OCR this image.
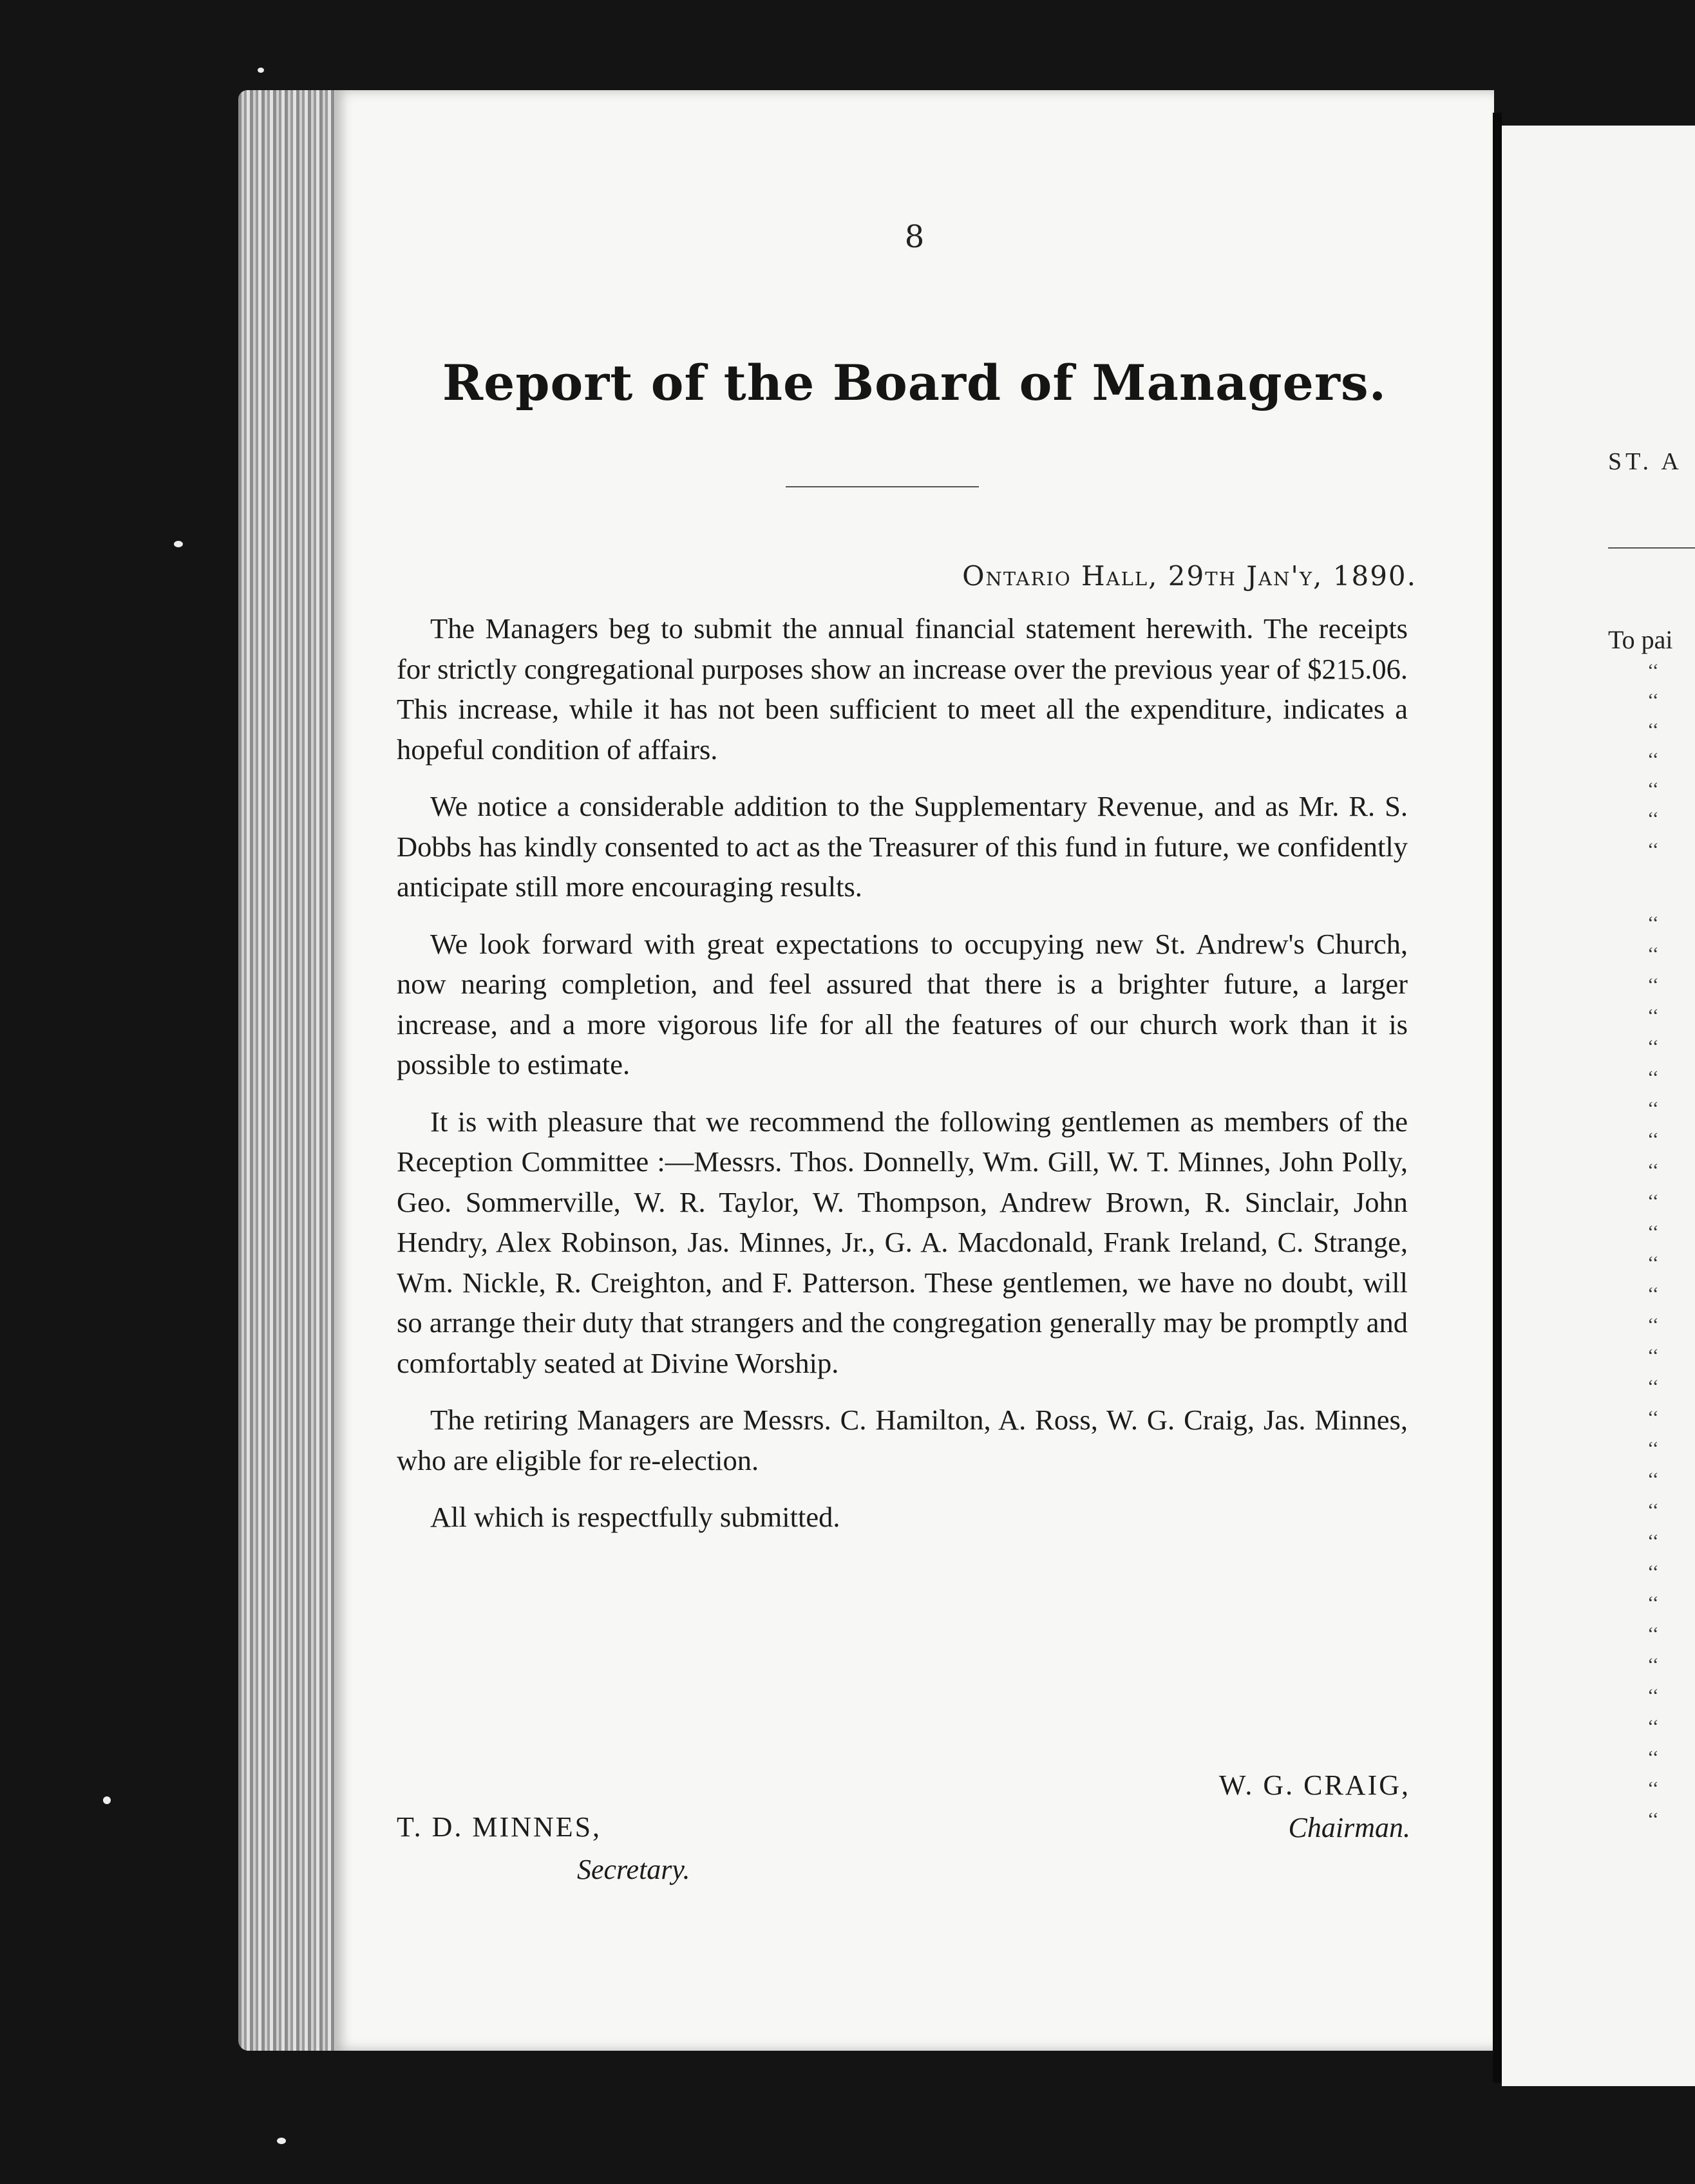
8
Report of the Board of Managers.
Ontario Hall, 29th Jan'y, 1890.

The Managers beg to submit the annual financial statement herewith. The receipts for strictly congregational purposes show an increase over the previous year of $215.06. This increase, while it has not been sufficient to meet all the expenditure, indicates a hopeful condition of affairs.

We notice a considerable addition to the Supplementary Revenue, and as Mr. R. S. Dobbs has kindly consented to act as the Treasurer of this fund in future, we confidently anticipate still more encouraging results.

We look forward with great expectations to occupying new St. Andrew's Church, now nearing completion, and feel assured that there is a brighter future, a larger increase, and a more vigorous life for all the features of our church work than it is possible to estimate.

It is with pleasure that we recommend the following gentlemen as members of the Reception Committee :—Messrs. Thos. Donnelly, Wm. Gill, W. T. Minnes, John Polly, Geo. Sommerville, W. R. Taylor, W. Thompson, Andrew Brown, R. Sinclair, John Hendry, Alex Robinson, Jas. Minnes, Jr., G. A. Macdonald, Frank Ireland, C. Strange, Wm. Nickle, R. Creighton, and F. Patterson. These gentlemen, we have no doubt, will so arrange their duty that strangers and the congregation generally may be promptly and comfortably seated at Divine Worship.

The retiring Managers are Messrs. C. Hamilton, A. Ross, W. G. Craig, Jas. Minnes, who are eligible for re-election.

All which is respectfully submitted.

W. G. CRAIG,
Chairman.
T. D. MINNES,
Secretary.
ST. A
To pai
‘‘
‘‘
‘‘
‘‘
‘‘
‘‘
‘‘
‘‘
‘‘
‘‘
‘‘
‘‘
‘‘
‘‘
‘‘
‘‘
‘‘
‘‘
‘‘
‘‘
‘‘
‘‘
‘‘
‘‘
‘‘
‘‘
‘‘
‘‘
‘‘
‘‘
‘‘
‘‘
‘‘
‘‘
‘‘
‘‘
‘‘
